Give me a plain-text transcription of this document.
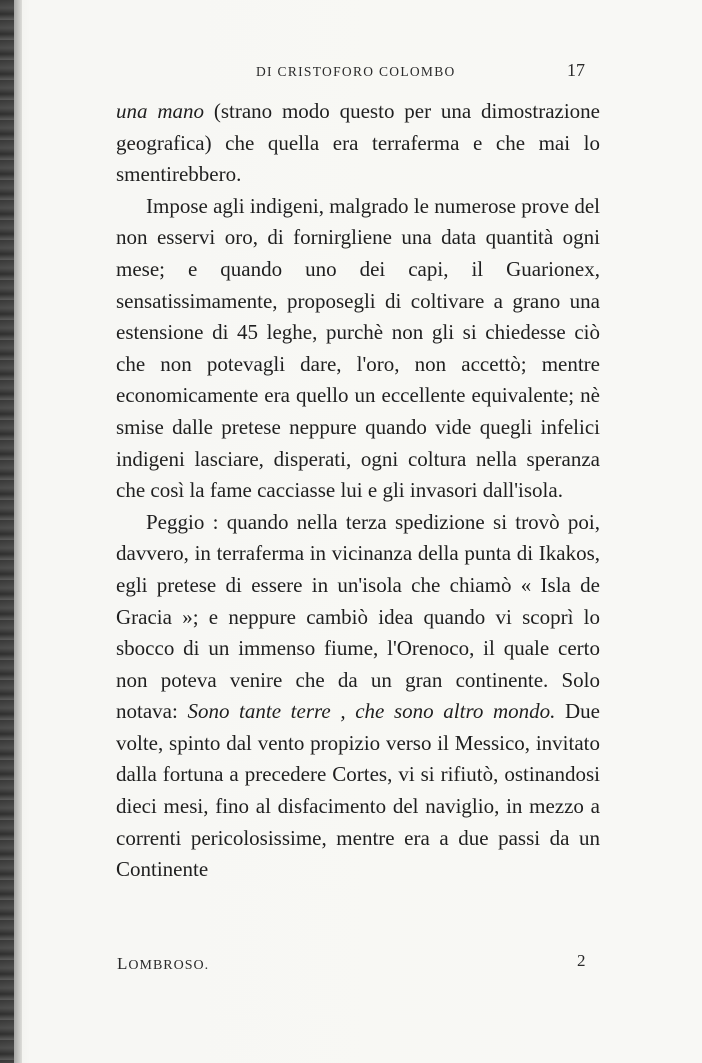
DI CRISTOFORO COLOMBO	17

una mano (strano modo questo per una dimostrazione geografica) che quella era terraferma e che mai lo smentirebbero.

Impose agli indigeni, malgrado le numerose prove del non esservi oro, di fornirgliene una data quantità ogni mese; e quando uno dei capi, il Guarionex, sensatissimamente, proposegli di coltivare a grano una estensione di 45 leghe, purchè non gli si chiedesse ciò che non potevagli dare, l'oro, non accettò; mentre economicamente era quello un eccellente equivalente; nè smise dalle pretese neppure quando vide quegli infelici indigeni lasciare, disperati, ogni coltura nella speranza che così la fame cacciasse lui e gli invasori dall'isola.

Peggio : quando nella terza spedizione si trovò poi, davvero, in terraferma in vicinanza della punta di Ikakos, egli pretese di essere in un'isola che chiamò « Isla de Gracia »; e neppure cambiò idea quando vi scoprì lo sbocco di un immenso fiume, l'Orenoco, il quale certo non poteva venire che da un gran continente. Solo notava: Sono tante terre , che sono altro mondo. Due volte, spinto dal vento propizio verso il Messico, invitato dalla fortuna a precedere Cortes, vi si rifiutò, ostinandosi dieci mesi, fino al disfacimento del naviglio, in mezzo a correnti pericolosissime, mentre era a due passi da un Continente

LOMBROSO.	2
